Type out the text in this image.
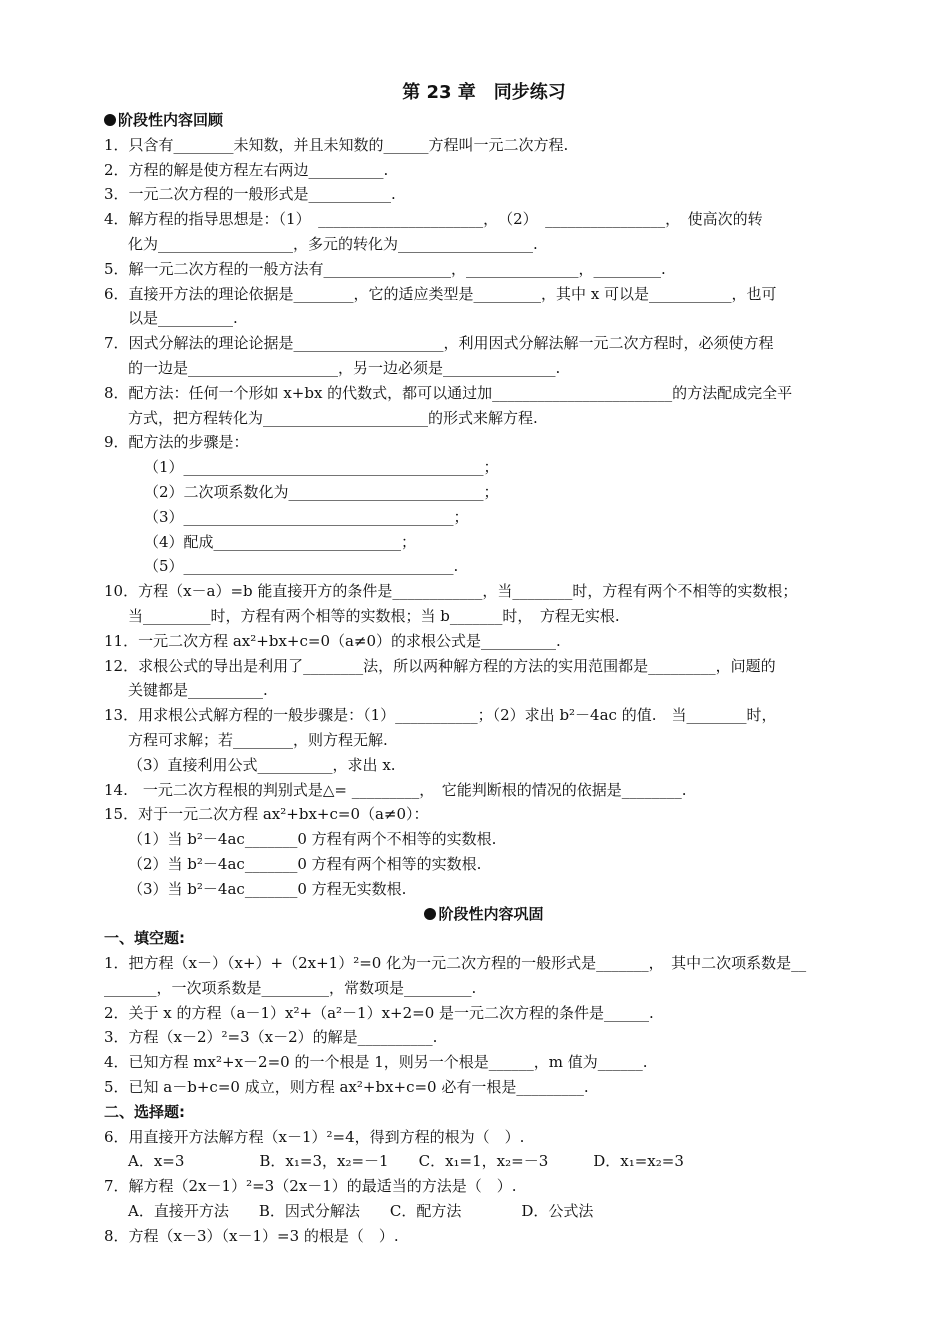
第 23 章　同步练习
阶段性内容回顾
1．只含有________未知数，并且未知数的______方程叫一元二次方程.
2．方程的解是使方程左右两边__________.
3．一元二次方程的一般形式是___________.
4．解方程的指导思想是：（1）　______________________，　（2）　________________，　使高次的转
化为__________________，多元的转化为__________________.
5．解一元二次方程的一般方法有_________________，_______________，_________.
6．直接开方法的理论依据是________，它的适应类型是_________，其中 x 可以是___________，也可
以是__________.
7．因式分解法的理论论据是____________________，利用因式分解法解一元二次方程时，必须使方程
的一边是____________________，另一边必须是_______________.
8．配方法：任何一个形如 x+bx 的代数式，都可以通过加________________________的方法配成完全平
方式，把方程转化为______________________的形式来解方程.
9．配方法的步骤是：
（1）________________________________________；
（2）二次项系数化为__________________________；
（3）____________________________________；
（4）配成_________________________；
（5）____________________________________.
10．方程（x－a）=b 能直接开方的条件是____________，当________时，方程有两个不相等的实数根；
当_________时，方程有两个相等的实数根；当 b_______时，　方程无实根.
11．一元二次方程 ax²+bx+c=0（a≠0）的求根公式是__________.
12．求根公式的导出是利用了________法，所以两种解方程的方法的实用范围都是_________，问题的
关键都是__________.
13．用求根公式解方程的一般步骤是：（1）___________；（2）求出 b²－4ac 的值.　当________时，
方程可求解；若________，则方程无解.
（3）直接利用公式__________，求出 x.
14.　一元二次方程根的判别式是△= _________，　它能判断根的情况的依据是________.
15．对于一元二次方程 ax²+bx+c=0（a≠0）：
（1）当 b²－4ac_______0 方程有两个不相等的实数根.
（2）当 b²－4ac_______0 方程有两个相等的实数根.
（3）当 b²－4ac_______0 方程无实数根.
阶段性内容巩固
一、填空题:
1．把方程（x－）（x+）+（2x+1）²=0 化为一元二次方程的一般形式是_______，　其中二次项系数是__
_______，一次项系数是_________，常数项是_________.
2．关于 x 的方程（a－1）x²+（a²－1）x+2=0 是一元二次方程的条件是______.
3．方程（x－2）²=3（x－2）的解是__________.
4．已知方程 mx²+x－2=0 的一个根是 1，则另一个根是______，m 值为______.
5．已知 a－b+c=0 成立，则方程 ax²+bx+c=0 必有一根是_________.
二、选择题:
6．用直接开方法解方程（x－1）²=4，得到方程的根为（　）.
A．x=3　　　　　B．x₁=3，x₂=－1　　C．x₁=1，x₂=－3　　　D．x₁=x₂=3
7．解方程（2x－1）²=3（2x－1）的最适当的方法是（　）.
A．直接开方法　　B．因式分解法　　C．配方法　　　　D．公式法
8．方程（x－3）（x－1）=3 的根是（　）.
